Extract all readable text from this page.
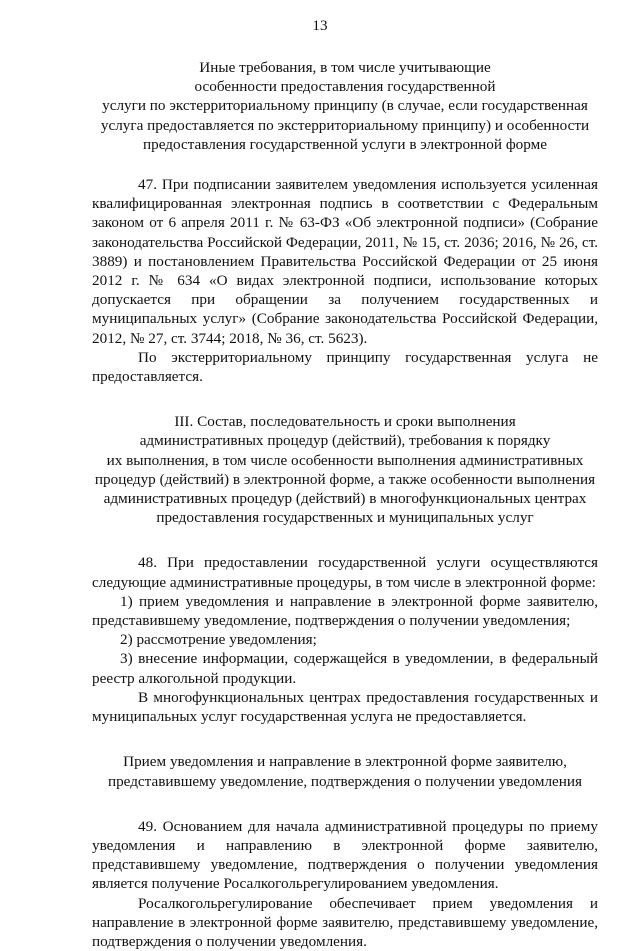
13

Иные требования, в том числе учитывающие
особенности предоставления государственной
услуги по экстерриториальному принципу (в случае, если государственная
услуга предоставляется по экстерриториальному принципу) и особенности
предоставления государственной услуги в электронной форме

47. При подписании заявителем уведомления используется усиленная квалифицированная электронная подпись в соответствии с Федеральным законом от 6 апреля 2011 г. № 63-ФЗ «Об электронной подписи» (Собрание законодательства Российской Федерации, 2011, № 15, ст. 2036; 2016, № 26, ст. 3889) и постановлением Правительства Российской Федерации от 25 июня 2012 г. № 634 «О видах электронной подписи, использование которых допускается при обращении за получением государственных и муниципальных услуг» (Собрание законодательства Российской Федерации, 2012, № 27, ст. 3744; 2018, № 36, ст. 5623).

По экстерриториальному принципу государственная услуга не предоставляется.

III. Состав, последовательность и сроки выполнения
административных процедур (действий), требования к порядку
их выполнения, в том числе особенности выполнения административных
процедур (действий) в электронной форме, а также особенности выполнения
административных процедур (действий) в многофункциональных центрах
предоставления государственных и муниципальных услуг

48. При предоставлении государственной услуги осуществляются следующие административные процедуры, в том числе в электронной форме:

1) прием уведомления и направление в электронной форме заявителю, представившему уведомление, подтверждения о получении уведомления;

2) рассмотрение уведомления;

3) внесение информации, содержащейся в уведомлении, в федеральный реестр алкогольной продукции.

В многофункциональных центрах предоставления государственных и муниципальных услуг государственная услуга не предоставляется.

Прием уведомления и направление в электронной форме заявителю,
представившему уведомление, подтверждения о получении уведомления

49. Основанием для начала административной процедуры по приему уведомления и направлению в электронной форме заявителю, представившему уведомление, подтверждения о получении уведомления является получение Росалкогольрегулированием уведомления.

Росалкогольрегулирование обеспечивает прием уведомления и направление в электронной форме заявителю, представившему уведомление, подтверждения о получении уведомления.
